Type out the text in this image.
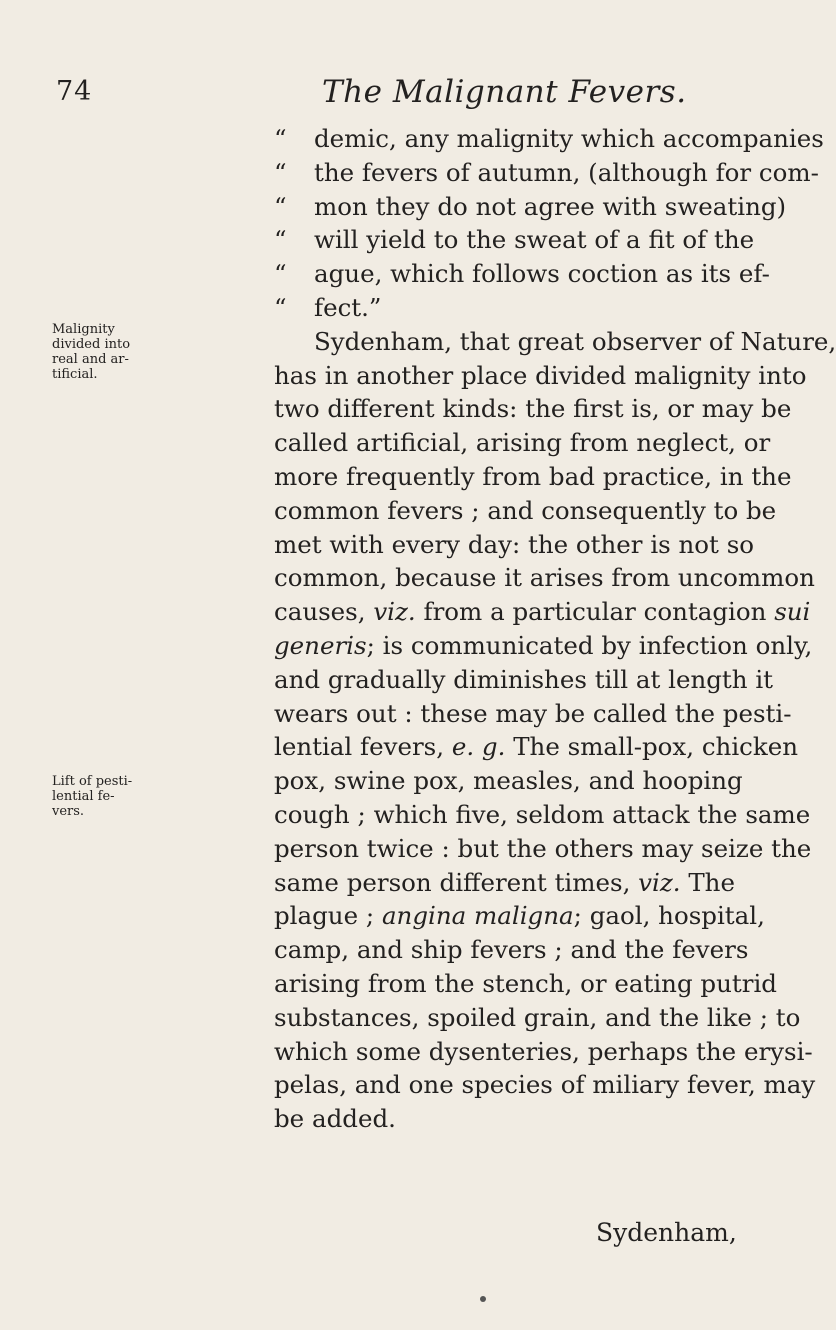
74	The Malignant Fevers.
Malignity divided into real and ar-tificial.
Lift of pesti-lential fe-vers.
“ demic, any malignity which accompanies
“ the fevers of autumn, (although for com-
“ mon they do not agree with sweating)
“ will yield to the sweat of a fit of the
“ ague, which follows coction as its ef-
“ fect.”
Sydenham, that great observer of Nature,
has in another place divided malignity into
two different kinds: the first is, or may be
called artificial, arising from neglect, or
more frequently from bad practice, in the
common fevers ; and consequently to be
met with every day: the other is not so
common, because it arises from uncommon
causes, viz. from a particular contagion sui
generis; is communicated by infection only,
and gradually diminishes till at length it
wears out : these may be called the pesti-
lential fevers, e. g. The small-pox, chicken
pox, swine pox, measles, and hooping
cough ; which five, seldom attack the same
person twice : but the others may seize the
same person different times, viz. The
plague ; angina maligna; gaol, hospital,
camp, and ship fevers ; and the fevers
arising from the stench, or eating putrid
substances, spoiled grain, and the like ; to
which some dysenteries, perhaps the erysi-
pelas, and one species of miliary fever, may
be added.
Sydenham,
